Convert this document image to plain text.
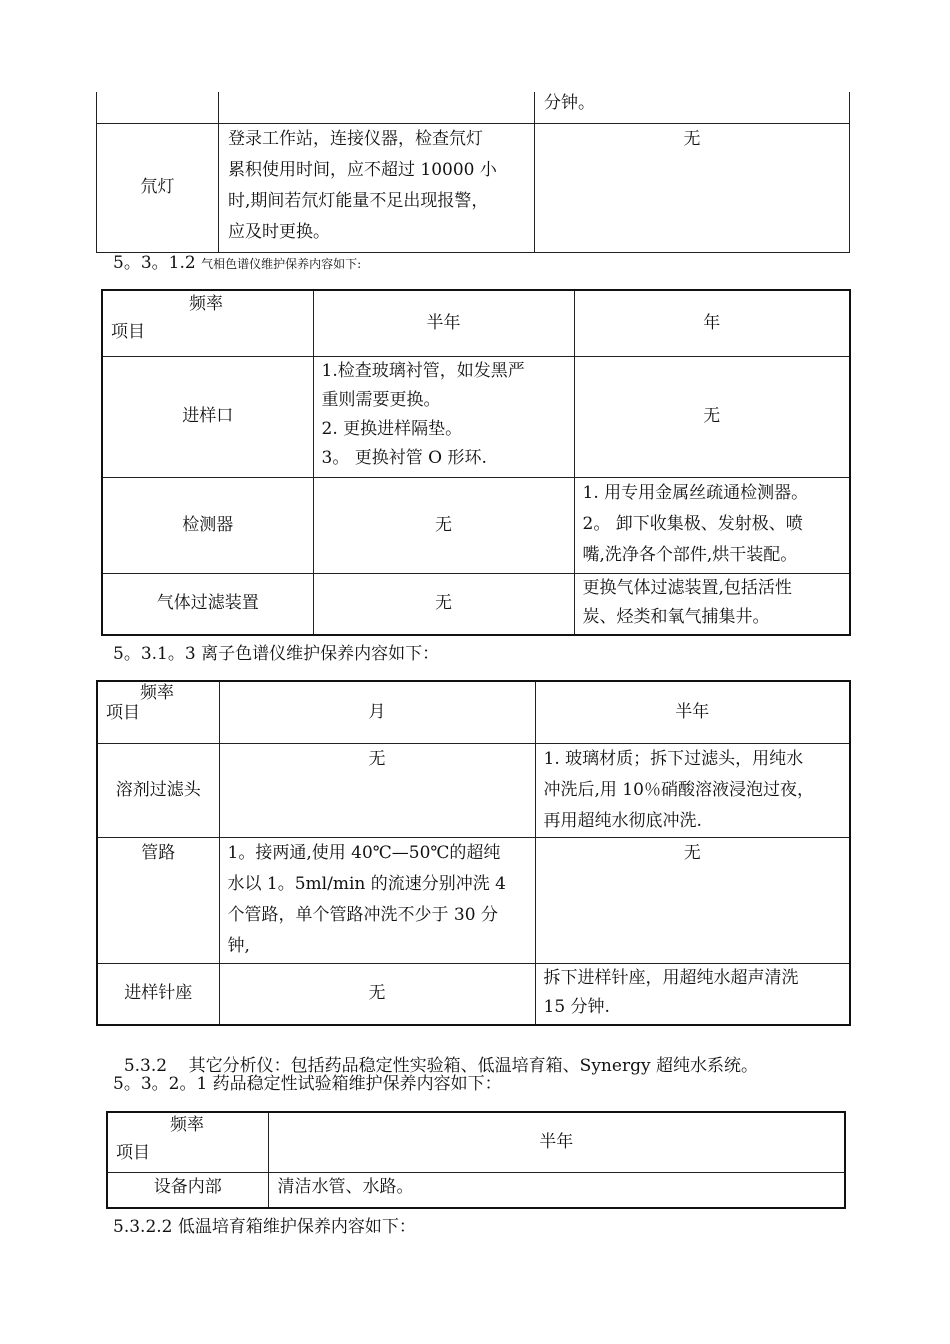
		分钟。
氘灯	登录工作站，连接仪器，检查氘灯
累积使用时间，应不超过 10000 小
时,期间若氘灯能量不足出现报警，
应及时更换。	无
5。3。1.2 气相色谱仪维护保养内容如下:
频率
项目	半年	年
进样口	1.检查玻璃衬管，如发黑严
重则需要更换。
2. 更换进样隔垫。
3。 更换衬管 O 形环.	无
检测器	无	1. 用专用金属丝疏通检测器。
2。 卸下收集极、发射极、喷
嘴,洗净各个部件,烘干装配。

气体过滤装置	无	更换气体过滤装置,包括活性
炭、烃类和氧气捕集井。
5。3.1。3 离子色谱仪维护保养内容如下：
频率
项目	月	半年
溶剂过滤头	无	1. 玻璃材质；拆下过滤头，用纯水
冲洗后,用 10％硝酸溶液浸泡过夜，
再用超纯水彻底冲洗.

管路	1。接两通,使用 40℃—50℃的超纯
水以 1。5ml/min 的流速分别冲洗 4
个管路，单个管路冲洗不少于 30 分
钟,	无
进样针座	无	拆下进样针座，用超纯水超声清洗
15 分钟.

5.3.2    其它分析仪：包括药品稳定性实验箱、低温培育箱、Synergy 超纯水系统。

5。3。2。1 药品稳定性试验箱维护保养内容如下：
频率
项目	半年
设备内部	清洁水管、水路。
5.3.2.2 低温培育箱维护保养内容如下：
